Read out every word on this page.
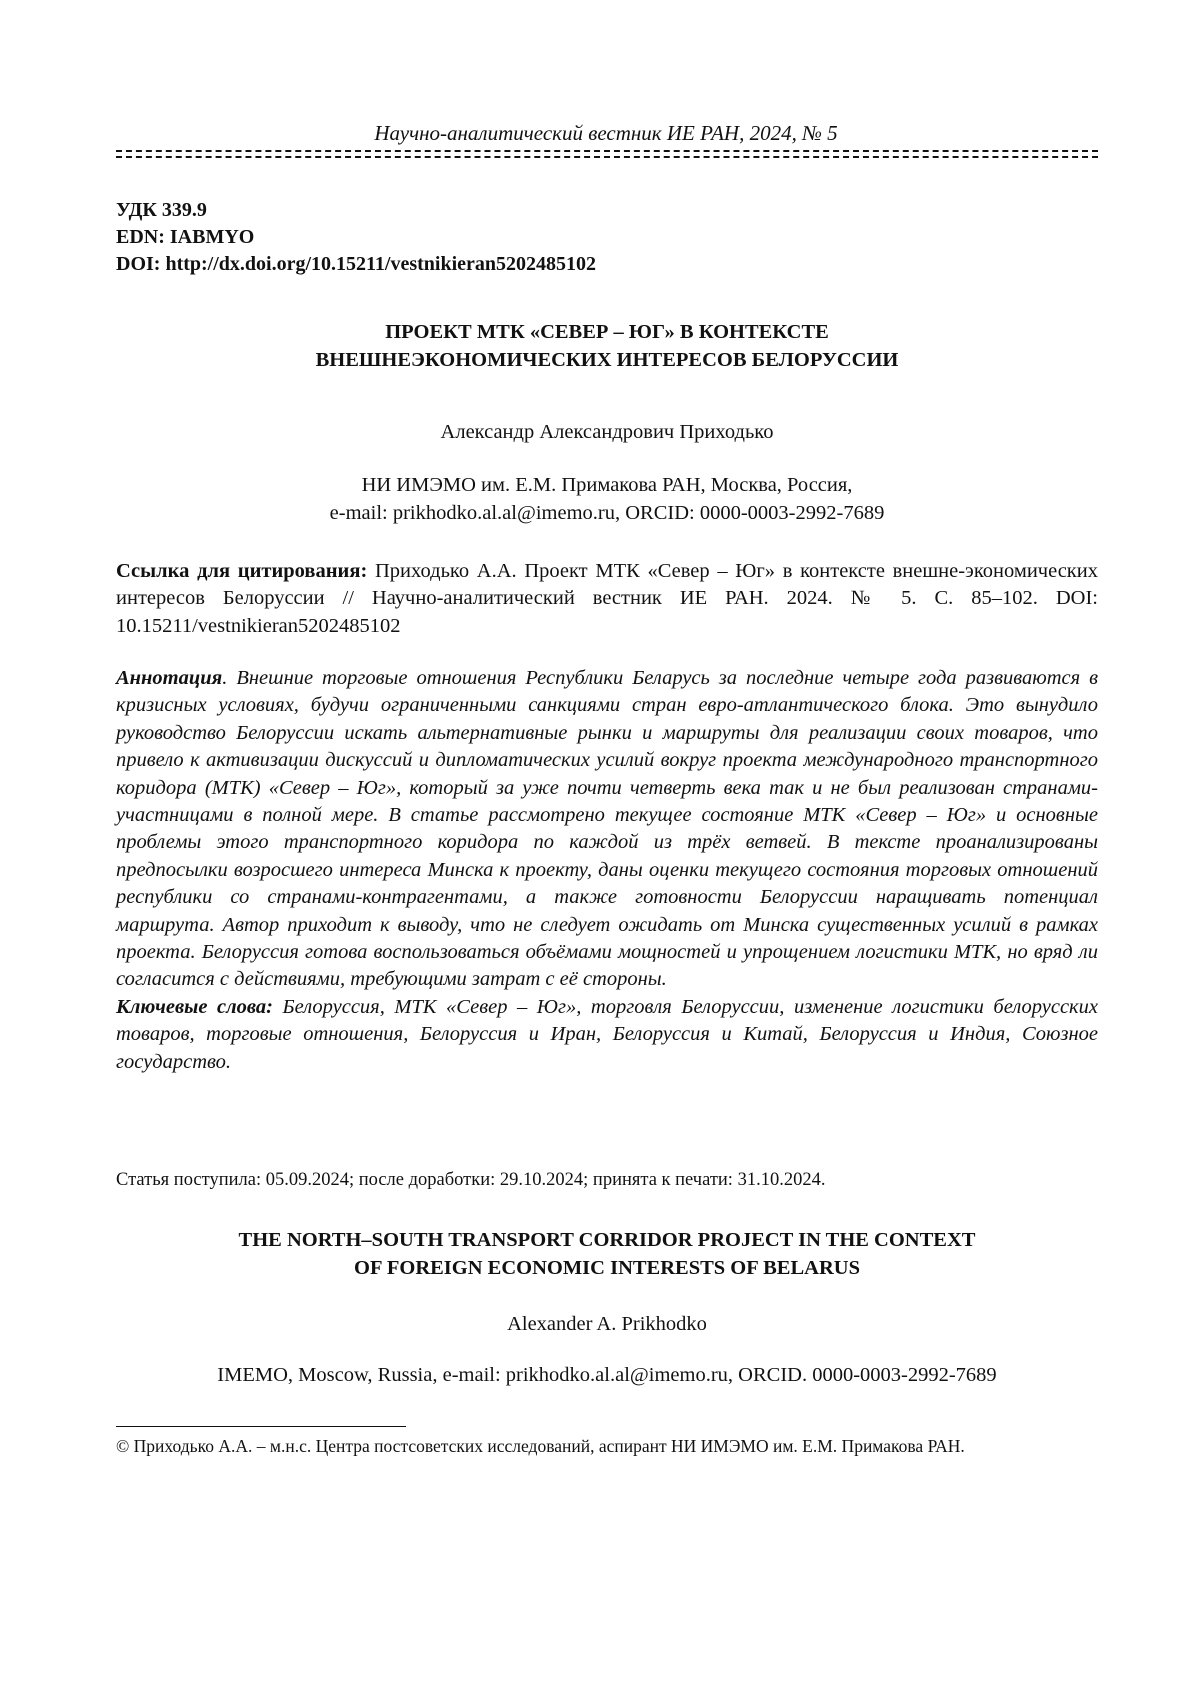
Научно-аналитический вестник ИЕ РАН, 2024, № 5
УДК 339.9
EDN: IABMYO
DOI: http://dx.doi.org/10.15211/vestnikieran5202485102
ПРОЕКТ МТК «СЕВЕР – ЮГ» В КОНТЕКСТЕ
ВНЕШНЕЭКОНОМИЧЕСКИХ ИНТЕРЕСОВ БЕЛОРУССИИ
Александр Александрович Приходько
НИ ИМЭМО им. Е.М. Примакова РАН, Москва, Россия,
e-mail: prikhodko.al.al@imemo.ru, ORCID: 0000-0003-2992-7689
Ссылка для цитирования: Приходько А.А. Проект МТК «Север – Юг» в контексте внешне-экономических интересов Белоруссии // Научно-аналитический вестник ИЕ РАН. 2024. № 5. С. 85–102. DOI: 10.15211/vestnikieran5202485102
Аннотация. Внешние торговые отношения Республики Беларусь за последние четыре года развиваются в кризисных условиях, будучи ограниченными санкциями стран евро-атлантического блока. Это вынудило руководство Белоруссии искать альтернативные рынки и маршруты для реализации своих товаров, что привело к активизации дискуссий и дипломатических усилий вокруг проекта международного транспортного коридора (МТК) «Север – Юг», который за уже почти четверть века так и не был реализован странами-участницами в полной мере. В статье рассмотрено текущее состояние МТК «Север – Юг» и основные проблемы этого транспортного коридора по каждой из трёх ветвей. В тексте проанализированы предпосылки возросшего интереса Минска к проекту, даны оценки текущего состояния торговых отношений республики со странами-контрагентами, а также готовности Белоруссии наращивать потенциал маршрута. Автор приходит к выводу, что не следует ожидать от Минска существенных усилий в рамках проекта. Белоруссия готова воспользоваться объёмами мощностей и упрощением логистики МТК, но вряд ли согласится с действиями, требующими затрат с её стороны.
Ключевые слова: Белоруссия, МТК «Север – Юг», торговля Белоруссии, изменение логистики белорусских товаров, торговые отношения, Белоруссия и Иран, Белоруссия и Китай, Белоруссия и Индия, Союзное государство.
Статья поступила: 05.09.2024; после доработки: 29.10.2024; принята к печати: 31.10.2024.
THE NORTH–SOUTH TRANSPORT CORRIDOR PROJECT IN THE CONTEXT
OF FOREIGN ECONOMIC INTERESTS OF BELARUS
Alexander A. Prikhodko
IMEMO, Moscow, Russia, e-mail: prikhodko.al.al@imemo.ru, ORCID. 0000-0003-2992-7689
© Приходько А.А. – м.н.с. Центра постсоветских исследований, аспирант НИ ИМЭМО им. Е.М. Примакова РАН.
